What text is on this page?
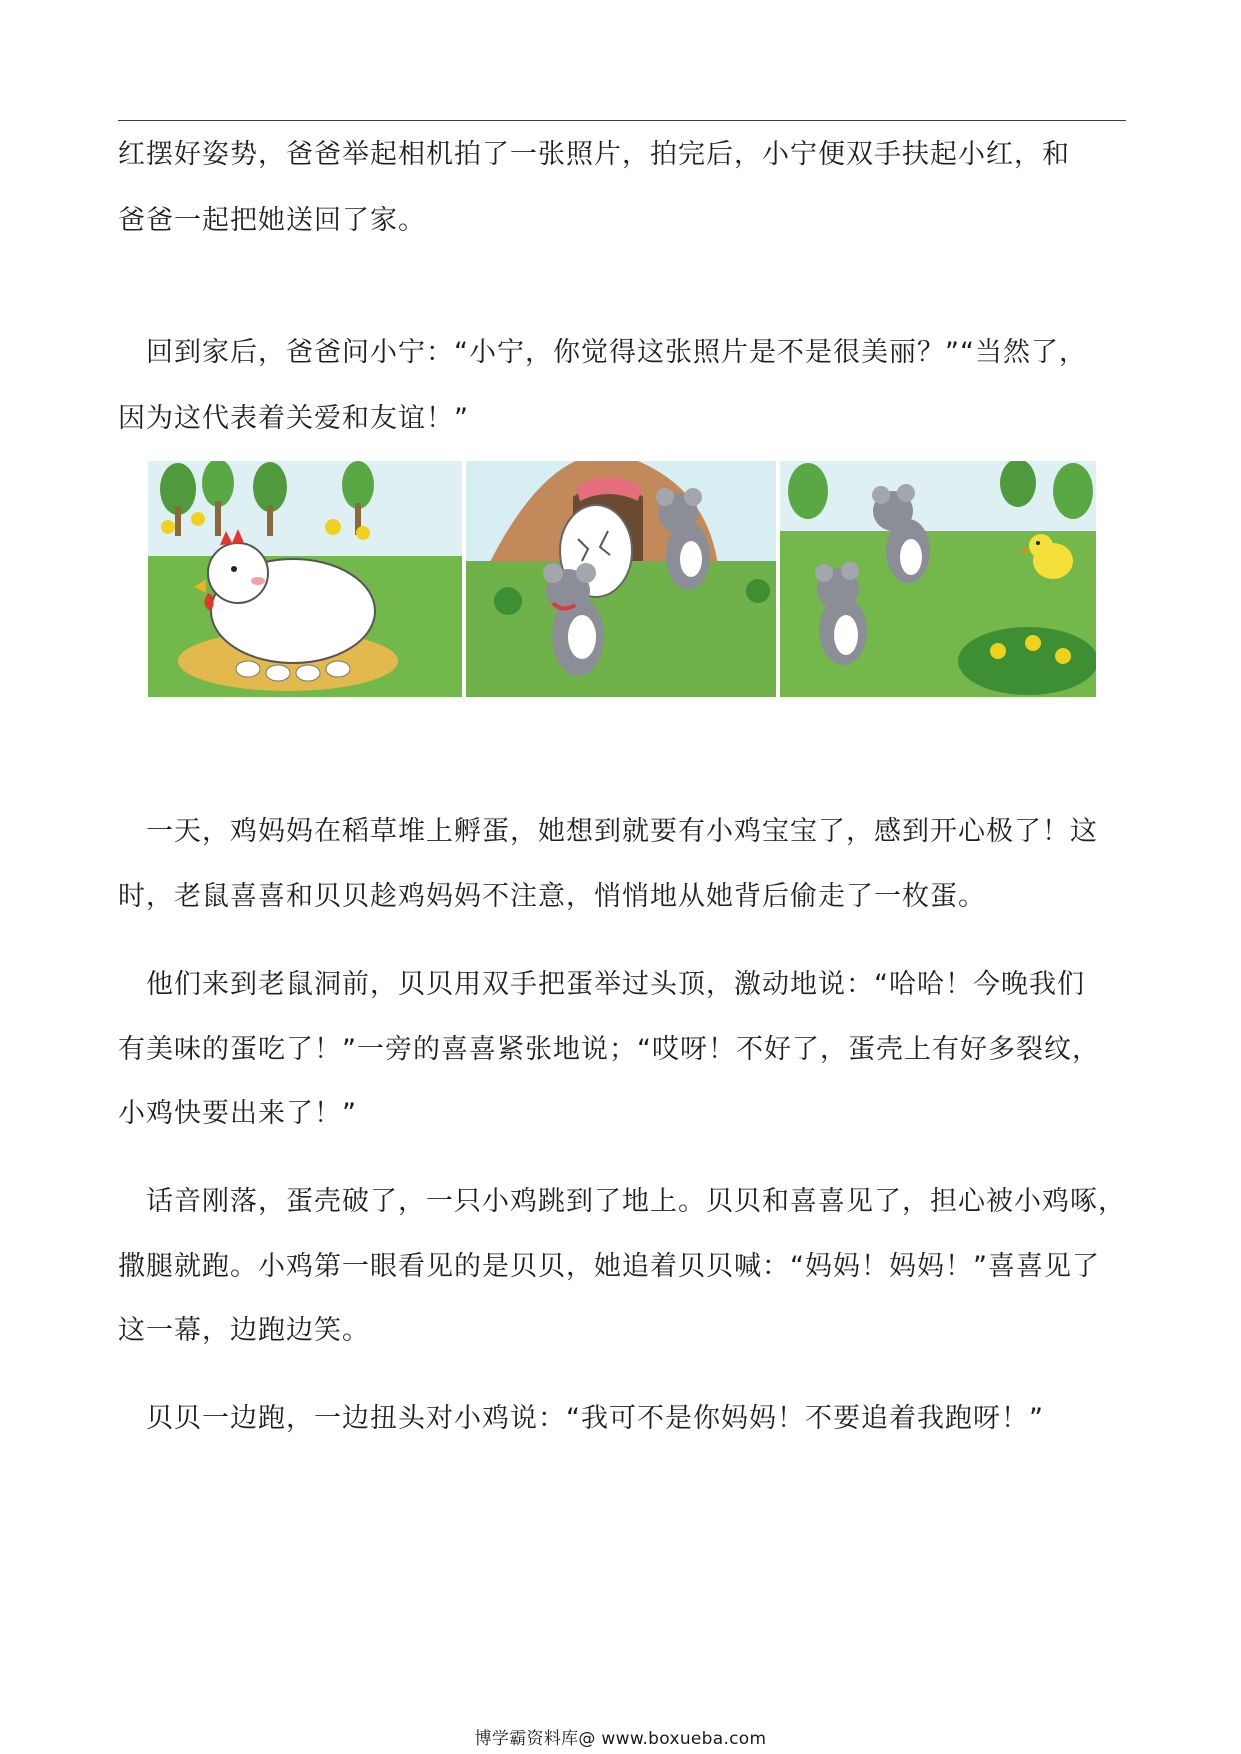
红摆好姿势，爸爸举起相机拍了一张照片，拍完后，小宁便双手扶起小红，和
爸爸一起把她送回了家。
　回到家后，爸爸问小宁：“小宁，你觉得这张照片是不是很美丽？”“当然了，
因为这代表着关爱和友谊！”
　一天，鸡妈妈在稻草堆上孵蛋，她想到就要有小鸡宝宝了，感到开心极了！这
时，老鼠喜喜和贝贝趁鸡妈妈不注意，悄悄地从她背后偷走了一枚蛋。
　他们来到老鼠洞前，贝贝用双手把蛋举过头顶，激动地说：“哈哈！今晚我们
有美味的蛋吃了！”一旁的喜喜紧张地说；“哎呀！不好了，蛋壳上有好多裂纹，
小鸡快要出来了！”
　话音刚落，蛋壳破了，一只小鸡跳到了地上。贝贝和喜喜见了，担心被小鸡啄，
撒腿就跑。小鸡第一眼看见的是贝贝，她追着贝贝喊：“妈妈！妈妈！”喜喜见了
这一幕，边跑边笑。
　贝贝一边跑，一边扭头对小鸡说：“我可不是你妈妈！不要追着我跑呀！”
博学霸资料库@ www.boxueba.com
